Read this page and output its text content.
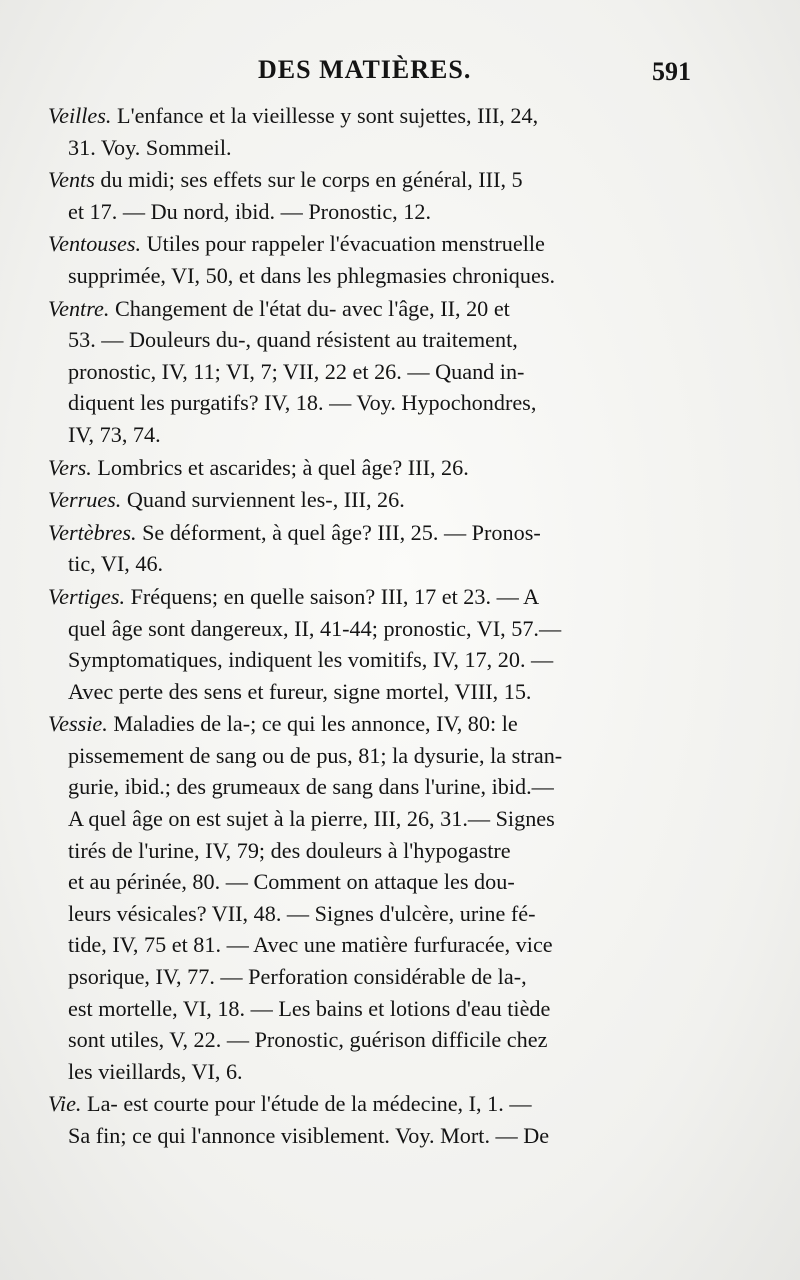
DES MATIÈRES.	591
Veilles. L'enfance et la vieillesse y sont sujettes, III, 24,
31. Voy. Sommeil.
Vents du midi; ses effets sur le corps en général, III, 5
et 17. — Du nord, ibid. — Pronostic, 12.
Ventouses. Utiles pour rappeler l'évacuation menstruelle
supprimée, VI, 50, et dans les phlegmasies chroniques.
Ventre. Changement de l'état du- avec l'âge, II, 20 et
53. — Douleurs du-, quand résistent au traitement,
pronostic, IV, 11; VI, 7; VII, 22 et 26. — Quand in-
diquent les purgatifs? IV, 18. — Voy. Hypochondres,
IV, 73, 74.
Vers. Lombrics et ascarides; à quel âge? III, 26.
Verrues. Quand surviennent les-, III, 26.
Vertèbres. Se déforment, à quel âge? III, 25. — Pronos-
tic, VI, 46.
Vertiges. Fréquens; en quelle saison? III, 17 et 23. — A
quel âge sont dangereux, II, 41-44; pronostic, VI, 57.—
Symptomatiques, indiquent les vomitifs, IV, 17, 20. —
Avec perte des sens et fureur, signe mortel, VIII, 15.
Vessie. Maladies de la-; ce qui les annonce, IV, 80: le
pissemement de sang ou de pus, 81; la dysurie, la stran-
gurie, ibid.; des grumeaux de sang dans l'urine, ibid.—
A quel âge on est sujet à la pierre, III, 26, 31.— Signes
tirés de l'urine, IV, 79; des douleurs à l'hypogastre
et au périnée, 80. — Comment on attaque les dou-
leurs vésicales? VII, 48. — Signes d'ulcère, urine fé-
tide, IV, 75 et 81. — Avec une matière furfuracée, vice
psorique, IV, 77. — Perforation considérable de la-,
est mortelle, VI, 18. — Les bains et lotions d'eau tiède
sont utiles, V, 22. — Pronostic, guérison difficile chez
les vieillards, VI, 6.
Vie. La- est courte pour l'étude de la médecine, I, 1. —
Sa fin; ce qui l'annonce visiblement. Voy. Mort. — De
